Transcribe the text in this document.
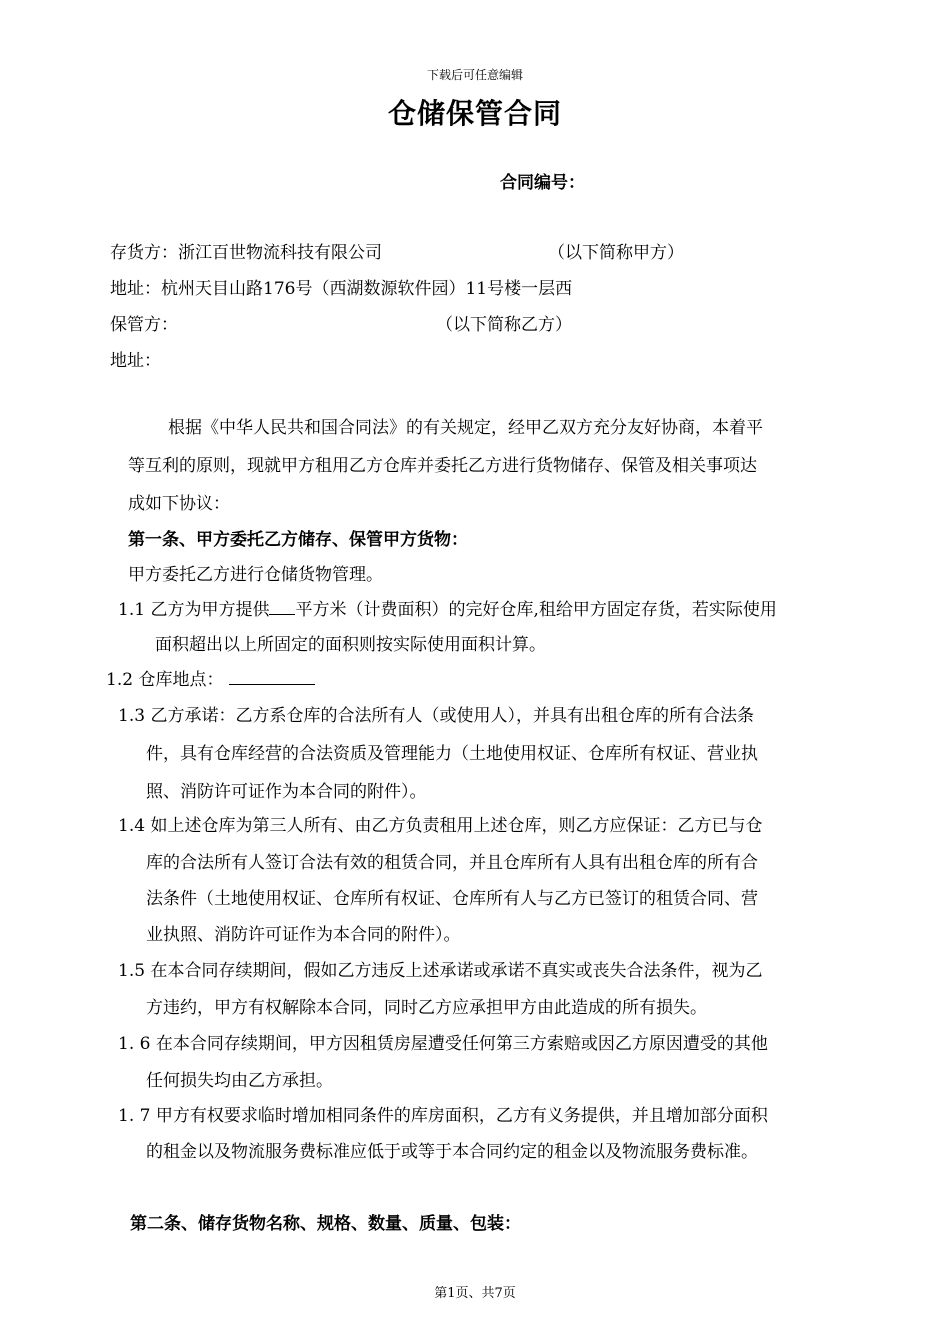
下载后可任意编辑
仓储保管合同
合同编号：
存货方：浙江百世物流科技有限公司	（以下简称甲方）
地址：杭州天目山路176号（西湖数源软件园）11号楼一层西
保管方：	（以下简称乙方）
地址：
根据《中华人民共和国合同法》的有关规定，经甲乙双方充分友好协商，本着平
等互利的原则，现就甲方租用乙方仓库并委托乙方进行货物储存、保管及相关事项达
成如下协议：
第一条、甲方委托乙方储存、保管甲方货物：
甲方委托乙方进行仓储货物管理。
1.1 乙方为甲方提供 平方米（计费面积）的完好仓库,租给甲方固定存货，若实际使用
面积超出以上所固定的面积则按实际使用面积计算。
1.2 仓库地点：
1.3 乙方承诺：乙方系仓库的合法所有人（或使用人），并具有出租仓库的所有合法条
件，具有仓库经营的合法资质及管理能力（土地使用权证、仓库所有权证、营业执
照、消防许可证作为本合同的附件）。
1.4 如上述仓库为第三人所有、由乙方负责租用上述仓库，则乙方应保证：乙方已与仓
库的合法所有人签订合法有效的租赁合同，并且仓库所有人具有出租仓库的所有合
法条件（土地使用权证、仓库所有权证、仓库所有人与乙方已签订的租赁合同、营
业执照、消防许可证作为本合同的附件）。
1.5 在本合同存续期间，假如乙方违反上述承诺或承诺不真实或丧失合法条件，视为乙
方违约，甲方有权解除本合同，同时乙方应承担甲方由此造成的所有损失。
1. 6 在本合同存续期间，甲方因租赁房屋遭受任何第三方索赔或因乙方原因遭受的其他
任何损失均由乙方承担。
1. 7 甲方有权要求临时增加相同条件的库房面积，乙方有义务提供，并且增加部分面积
的租金以及物流服务费标准应低于或等于本合同约定的租金以及物流服务费标准。
第二条、储存货物名称、规格、数量、质量、包装：
第1页、共7页
